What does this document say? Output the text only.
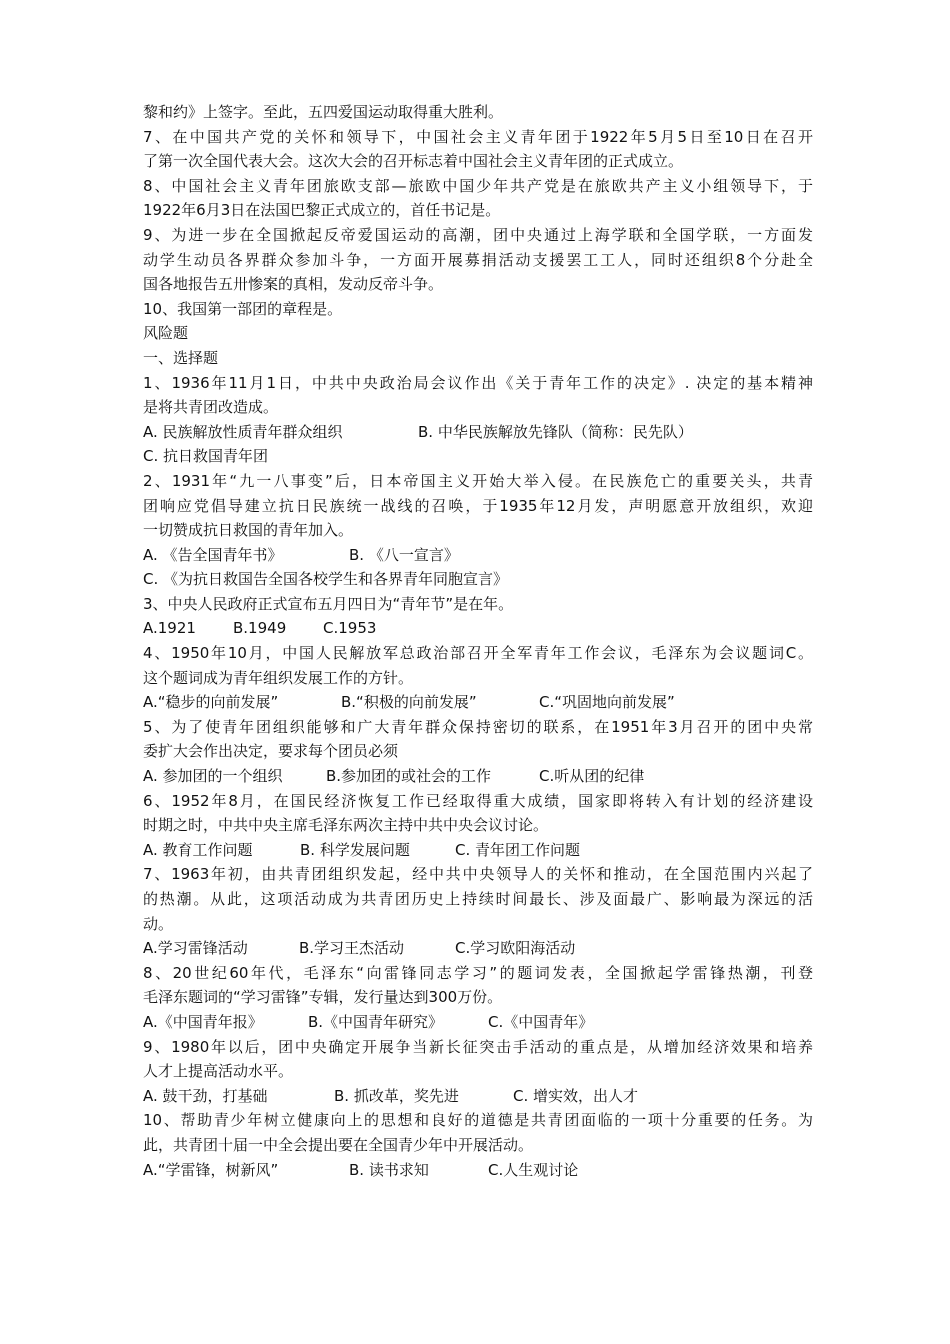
黎和约》上签字。至此，五四爱国运动取得重大胜利。
7、在中国共产党的关怀和领导下，中国社会主义青年团于1922年5月5日至10日在召开
了第一次全国代表大会。这次大会的召开标志着中国社会主义青年团的正式成立。
8、中国社会主义青年团旅欧支部—旅欧中国少年共产党是在旅欧共产主义小组领导下，于
1922年6月3日在法国巴黎正式成立的，首任书记是。
9、为进一步在全国掀起反帝爱国运动的高潮，团中央通过上海学联和全国学联，一方面发
动学生动员各界群众参加斗争，一方面开展募捐活动支援罢工工人，同时还组织8个分赴全
国各地报告五卅惨案的真相，发动反帝斗争。
10、我国第一部团的章程是。
风险题
一、选择题
1、1936年11月1日，中共中央政治局会议作出《关于青年工作的决定》. 决定的基本精神
是将共青团改造成。
A. 民族解放性质青年群众组织	B. 中华民族解放先锋队（简称：民先队）
C. 抗日救国青年团
2、1931年“九一八事变”后，日本帝国主义开始大举入侵。在民族危亡的重要关头，共青
团响应党倡导建立抗日民族统一战线的召唤，于1935年12月发，声明愿意开放组织，欢迎
一切赞成抗日救国的青年加入。
A. 《告全国青年书》	B. 《八一宣言》
C. 《为抗日救国告全国各校学生和各界青年同胞宣言》
3、中央人民政府正式宣布五月四日为“青年节”是在年。
A.1921	B.1949	C.1953
4、1950年10月，中国人民解放军总政治部召开全军青年工作会议，毛泽东为会议题词C。
这个题词成为青年组织发展工作的方针。
A.“稳步的向前发展”	B.“积极的向前发展”	C.“巩固地向前发展”
5、为了使青年团组织能够和广大青年群众保持密切的联系，在1951年3月召开的团中央常
委扩大会作出决定，要求每个团员必须
A. 参加团的一个组织	B.参加团的或社会的工作	C.听从团的纪律
6、1952年8月，在国民经济恢复工作已经取得重大成绩，国家即将转入有计划的经济建设
时期之时，中共中央主席毛泽东两次主持中共中央会议讨论。
A. 教育工作问题	B. 科学发展问题	C. 青年团工作问题
7、1963年初，由共青团组织发起，经中共中央领导人的关怀和推动，在全国范围内兴起了
的热潮。从此，这项活动成为共青团历史上持续时间最长、涉及面最广、影响最为深远的活
动。
A.学习雷锋活动	B.学习王杰活动	C.学习欧阳海活动
8、20世纪60年代，毛泽东“向雷锋同志学习”的题词发表，全国掀起学雷锋热潮，刊登
毛泽东题词的“学习雷锋”专辑，发行量达到300万份。
A.《中国青年报》	B.《中国青年研究》	C.《中国青年》
9、1980年以后，团中央确定开展争当新长征突击手活动的重点是，从增加经济效果和培养
人才上提高活动水平。
A. 鼓干劲，打基础	B. 抓改革，奖先进	C. 增实效，出人才
10、帮助青少年树立健康向上的思想和良好的道德是共青团面临的一项十分重要的任务。为
此，共青团十届一中全会提出要在全国青少年中开展活动。
A.“学雷锋，树新风”	B. 读书求知	C.人生观讨论
